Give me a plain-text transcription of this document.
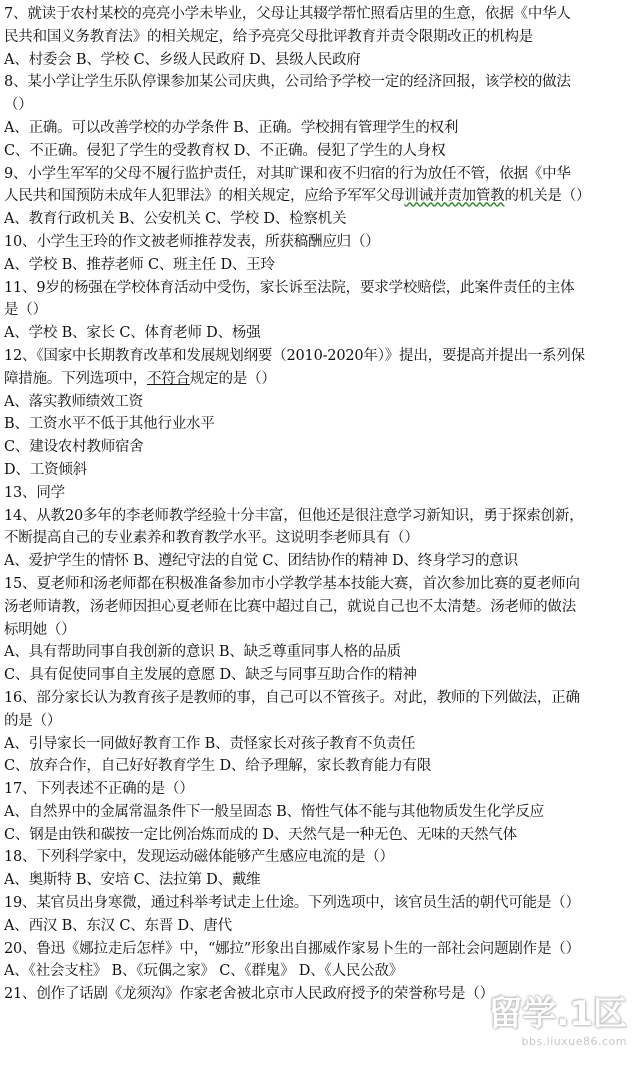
7、就读于农村某校的亮亮小学未毕业，父母让其辍学帮忙照看店里的生意，依据《中华人
民共和国义务教育法》的相关规定，给予亮亮父母批评教育并责令限期改正的机构是
A、村委会 B、学校 C、乡级人民政府 D、县级人民政府
8、某小学让学生乐队停课参加某公司庆典，公司给予学校一定的经济回报，该学校的做法
（）
A、正确。可以改善学校的办学条件 B、正确。学校拥有管理学生的权利
C、不正确。侵犯了学生的受教育权 D、不正确。侵犯了学生的人身权
9、小学生军军的父母不履行监护责任，对其旷课和夜不归宿的行为放任不管，依据《中华
人民共和国预防未成年人犯罪法》的相关规定，应给予军军父母训诫并责加管教的机关是（）
A、教育行政机关 B、公安机关 C、学校 D、检察机关
10、小学生王玲的作文被老师推荐发表，所获稿酬应归（）
A、学校 B、推荐老师 C、班主任 D、王玲
11、9岁的杨强在学校体育活动中受伤，家长诉至法院，要求学校赔偿，此案件责任的主体
是（）
A、学校 B、家长 C、体育老师 D、杨强
12、《国家中长期教育改革和发展规划纲要（2010-2020年）》提出，要提高并提出一系列保
障措施。下列选项中，不符合规定的是（）
A、落实教师绩效工资
B、工资水平不低于其他行业水平
C、建设农村教师宿舍
D、工资倾斜
13、同学
14、从教20多年的李老师教学经验十分丰富，但他还是很注意学习新知识，勇于探索创新，
不断提高自己的专业素养和教育教学水平。这说明李老师具有（）
A、爱护学生的情怀 B、遵纪守法的自觉 C、团结协作的精神 D、终身学习的意识
15、夏老师和汤老师都在积极准备参加市小学教学基本技能大赛，首次参加比赛的夏老师向
汤老师请教，汤老师因担心夏老师在比赛中超过自己，就说自己也不太清楚。汤老师的做法
标明她（）
A、具有帮助同事自我创新的意识 B、缺乏尊重同事人格的品质
C、具有促使同事自主发展的意愿 D、缺乏与同事互助合作的精神
16、部分家长认为教育孩子是教师的事，自己可以不管孩子。对此，教师的下列做法，正确
的是（）
A、引导家长一同做好教育工作 B、责怪家长对孩子教育不负责任
C、放弃合作，自己好好教育学生 D、给予理解，家长教育能力有限
17、下列表述不正确的是（）
A、自然界中的金属常温条件下一般呈固态 B、惰性气体不能与其他物质发生化学反应
C、钢是由铁和碳按一定比例冶炼而成的 D、天然气是一种无色、无味的天然气体
18、下列科学家中，发现运动磁体能够产生感应电流的是（）
A、奥斯特 B、安培 C、法拉第 D、戴维
19、某官员出身寒微，通过科举考试走上仕途。下列选项中，该官员生活的朝代可能是（）
A、西汉 B、东汉 C、东晋 D、唐代
20、鲁迅《娜拉走后怎样》中，“娜拉”形象出自挪威作家易卜生的一部社会问题剧作是（）
A、《社会支柱》 B、《玩偶之家》 C、《群鬼》 D、《人民公敌》
21、创作了话剧《龙须沟》作家老舍被北京市人民政府授予的荣誉称号是（）
留学.1区
bbs.liuxue86.com
